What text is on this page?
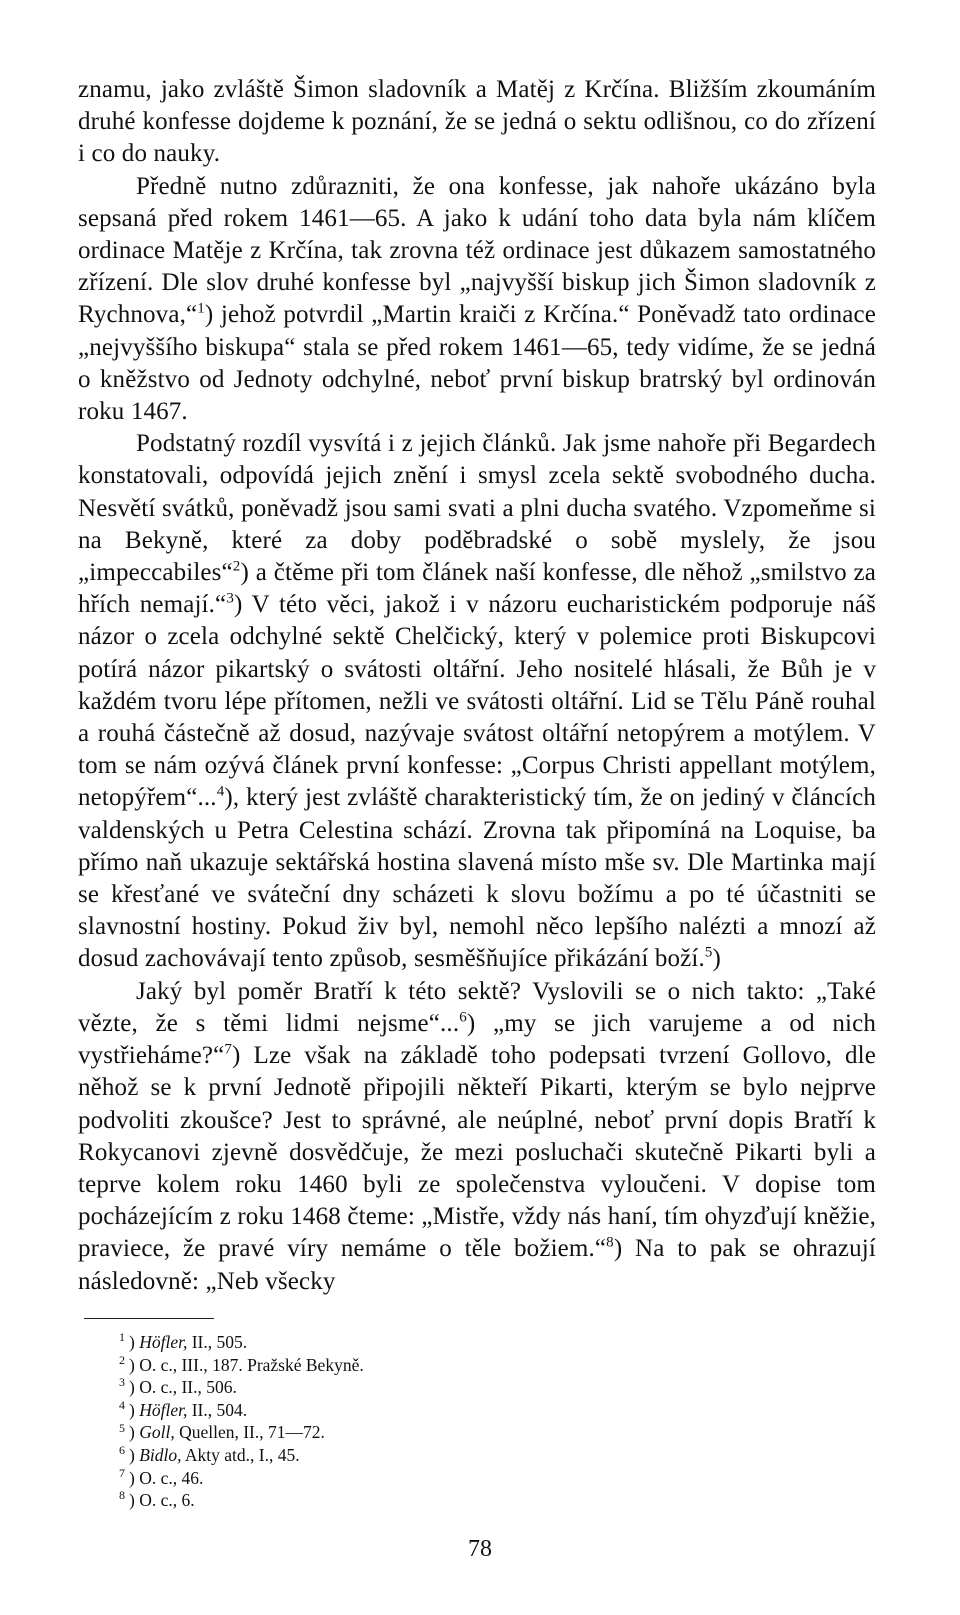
znamu, jako zvláště Šimon sladovník a Matěj z Krčína. Bližším zkoumáním druhé konfesse dojdeme k poznání, že se jedná o sektu odlišnou, co do zřízení i co do nauky.

Předně nutno zdůrazniti, že ona konfesse, jak nahoře ukázáno byla sepsaná před rokem 1461—65. A jako k udání toho data byla nám klíčem ordinace Matěje z Krčína, tak zrovna též ordinace jest důkazem samostatného zřízení. Dle slov druhé konfesse byl „najvyšší biskup jich Šimon sladovník z Rychnova,“$^1$) jehož potvrdil „Martin kraiči z Krčína.“ Poněvadž tato ordinace „nejvyššího biskupa“ stala se před rokem 1461—65, tedy vidíme, že se jedná o kněžstvo od Jednoty odchylné, neboť první biskup bratrský byl ordinován roku 1467.

Podstatný rozdíl vysvítá i z jejich článků. Jak jsme nahoře při Begardech konstatovali, odpovídá jejich znění i smysl zcela sektě svobodného ducha. Nesvětí svátků, poněvadž jsou sami svati a plni ducha svatého. Vzpomeňme si na Bekyně, které za doby poděbradské o sobě myslely, že jsou „impeccabiles“$^2$) a čtěme při tom článek naší konfesse, dle něhož „smilstvo za hřích nemají.“$^3$) V této věci, jakož i v názoru eucharistickém podporuje náš názor o zcela odchylné sektě Chelčický, který v polemice proti Biskupcovi potírá názor pikartský o svátosti oltářní. Jeho nositelé hlásali, že Bůh je v každém tvoru lépe přítomen, nežli ve svátosti oltářní. Lid se Tělu Páně rouhal a rouhá částečně až dosud, nazývaje svátost oltářní netopýrem a motýlem. V tom se nám ozývá článek první konfesse: „Corpus Christi appellant motýlem, netopýřem“...$^4$), který jest zvláště charakteristický tím, že on jediný v článcích valdenských u Petra Celestina schází. Zrovna tak připomíná na Loquise, ba přímo naň ukazuje sektářská hostina slavená místo mše sv. Dle Martinka mají se křesťané ve sváteční dny scházeti k slovu božímu a po té účastniti se slavnostní hostiny. Pokud živ byl, nemohl něco lepšího nalézti a mnozí až dosud zachovávají tento způsob, sesměšňujíce přikázání boží.$^5$)

Jaký byl poměr Bratří k této sektě? Vyslovili se o nich takto: „Také vězte, že s těmi lidmi nejsme“...$^6$) „my se jich varujeme a od nich vystřieháme?“$^7$) Lze však na základě toho podepsati tvrzení Gollovo, dle něhož se k první Jednotě připojili někteří Pikarti, kterým se bylo nejprve podvoliti zkoušce? Jest to správné, ale neúplné, neboť první dopis Bratří k Rokycanovi zjevně dosvědčuje, že mezi posluchači skutečně Pikarti byli a teprve kolem roku 1460 byli ze společenstva vyloučeni. V dopise tom pocházejícím z roku 1468 čteme: „Mistře, vždy nás haní, tím ohyzďují kněžie, praviece, že pravé víry nemáme o těle božiem.“$^8$) Na to pak se ohrazují následovně: „Neb všecky

$^1$ ) Höfler, II., 505.
$^2$ ) O. c., III., 187. Pražské Bekyně.
$^3$ ) O. c., II., 506.
$^4$ ) Höfler, II., 504.
$^5$ ) Goll, Quellen, II., 71—72.
$^6$ ) Bidlo, Akty atd., I., 45.
$^7$ ) O. c., 46.
$^8$ ) O. c., 6.
78
